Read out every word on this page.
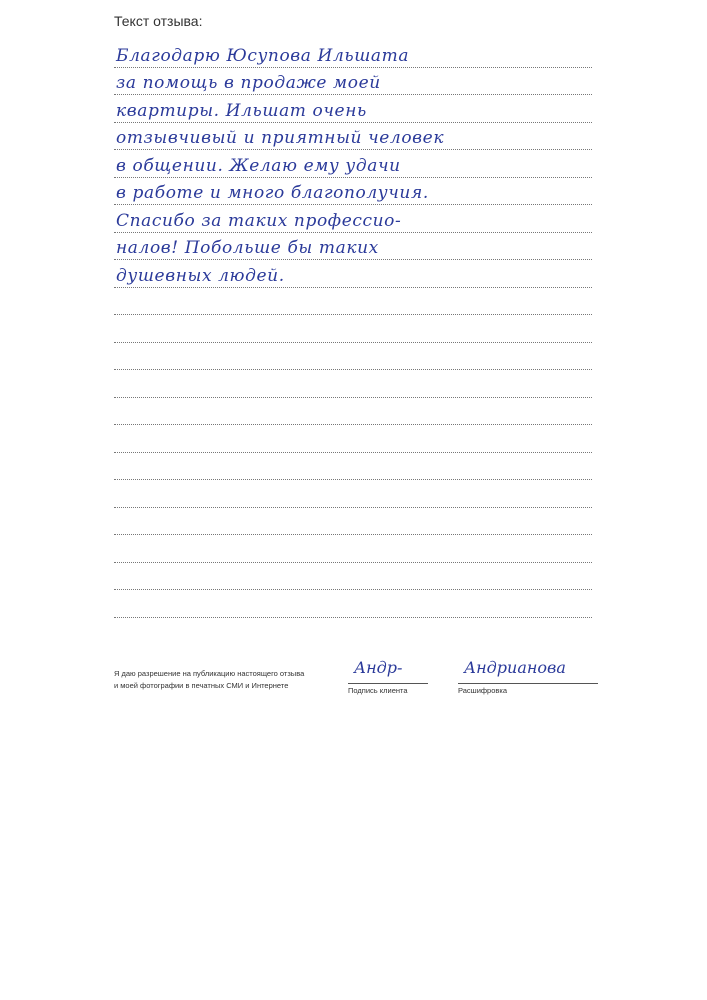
Текст отзыва:
Благодарю Юсупова Ильшата
за помощь в продаже моей
квартиры. Ильшат очень
отзывчивый и приятный человек
в общении. Желаю ему удачи
в работе и много благополучия.
Спасибо за таких профессио-
налов! Побольше бы таких
душевных людей.
Я даю разрешение на публикацию настоящего отзыва
и моей фотографии в печатных СМИ и Интернете
Андр-
Подпись клиента
Андрианова
Расшифровка
